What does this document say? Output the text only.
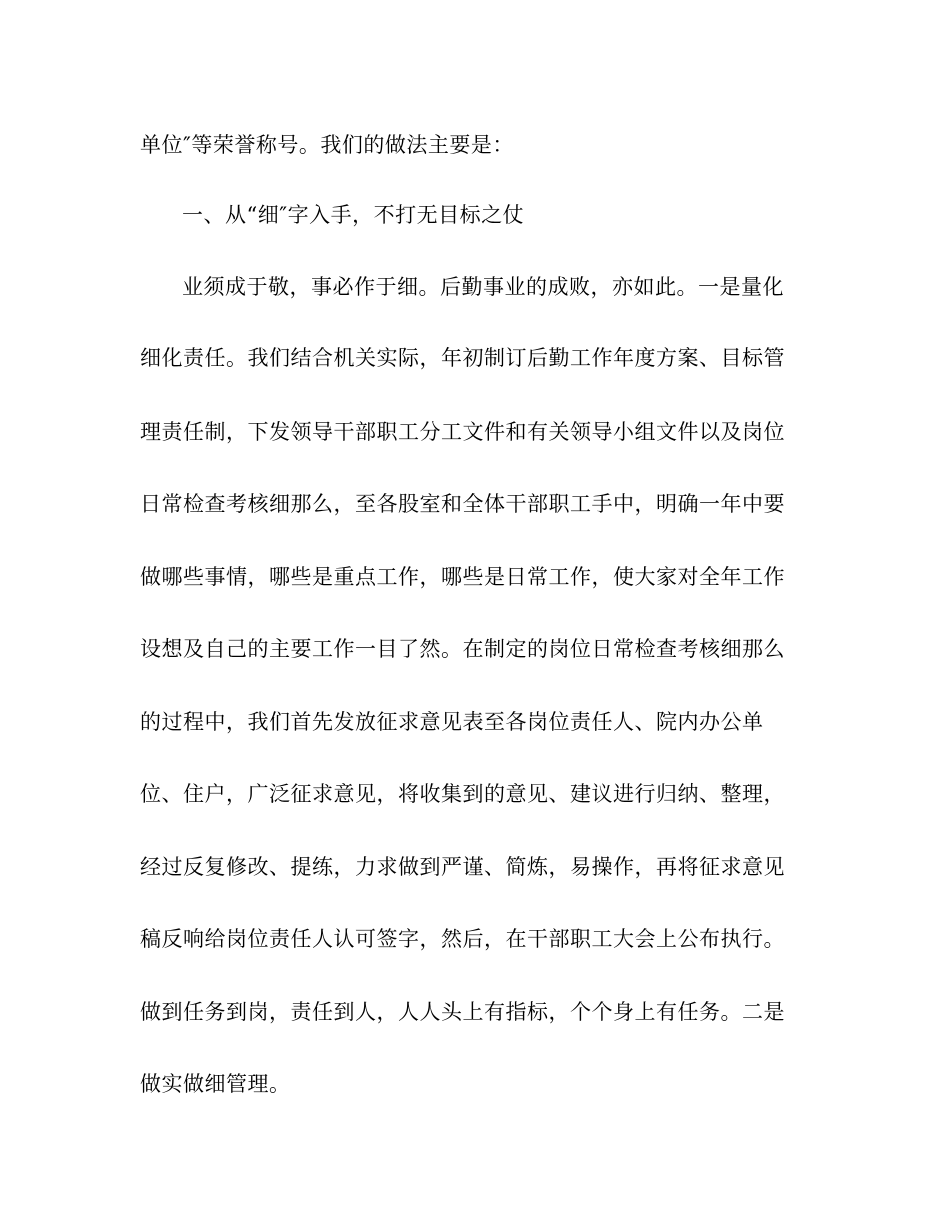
单位″等荣誉称号。我们的做法主要是：
一、从“细″字入手，不打无目标之仗
业须成于敬，事必作于细。后勤事业的成败，亦如此。一是量化
细化责任。我们结合机关实际，年初制订后勤工作年度方案、目标管
理责任制，下发领导干部职工分工文件和有关领导小组文件以及岗位
日常检查考核细那么，至各股室和全体干部职工手中，明确一年中要
做哪些事情，哪些是重点工作，哪些是日常工作，使大家对全年工作
设想及自己的主要工作一目了然。在制定的岗位日常检查考核细那么
的过程中，我们首先发放征求意见表至各岗位责任人、院内办公单
位、住户，广泛征求意见，将收集到的意见、建议进行归纳、整理，
经过反复修改、提练，力求做到严谨、简炼，易操作，再将征求意见
稿反响给岗位责任人认可签字，然后，在干部职工大会上公布执行。
做到任务到岗，责任到人，人人头上有指标，个个身上有任务。二是
做实做细管理。
